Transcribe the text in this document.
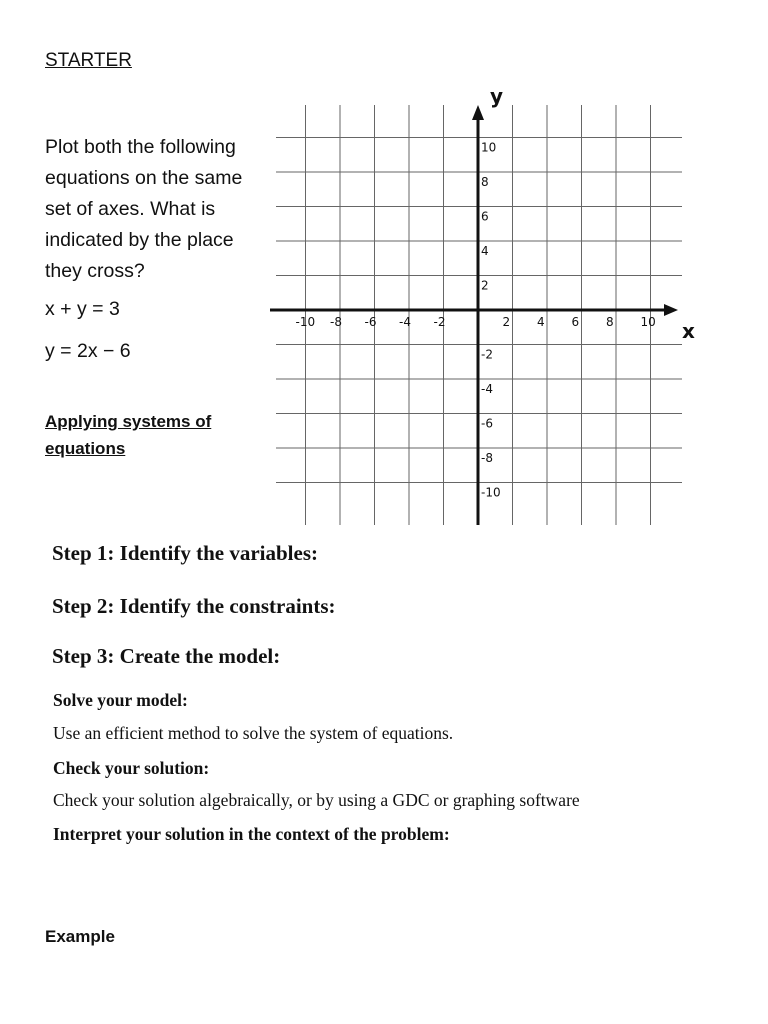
STARTER
Plot both the following equations on the same set of axes. What is indicated by the place they cross?
x + y = 3
y = 2x − 6
Applying systems of equations
-10 -8 -6 -4 -2	2 4 6 8 10
10
8
6
4
2
-2
-4
-6
-8
-10
y
x
Step 1: Identify the variables:
Step 2: Identify the constraints:
Step 3: Create the model:
Solve your model:
Use an efficient method to solve the system of equations.
Check your solution:
Check your solution algebraically, or by using a GDC or graphing software
Interpret your solution in the context of the problem:
Example
